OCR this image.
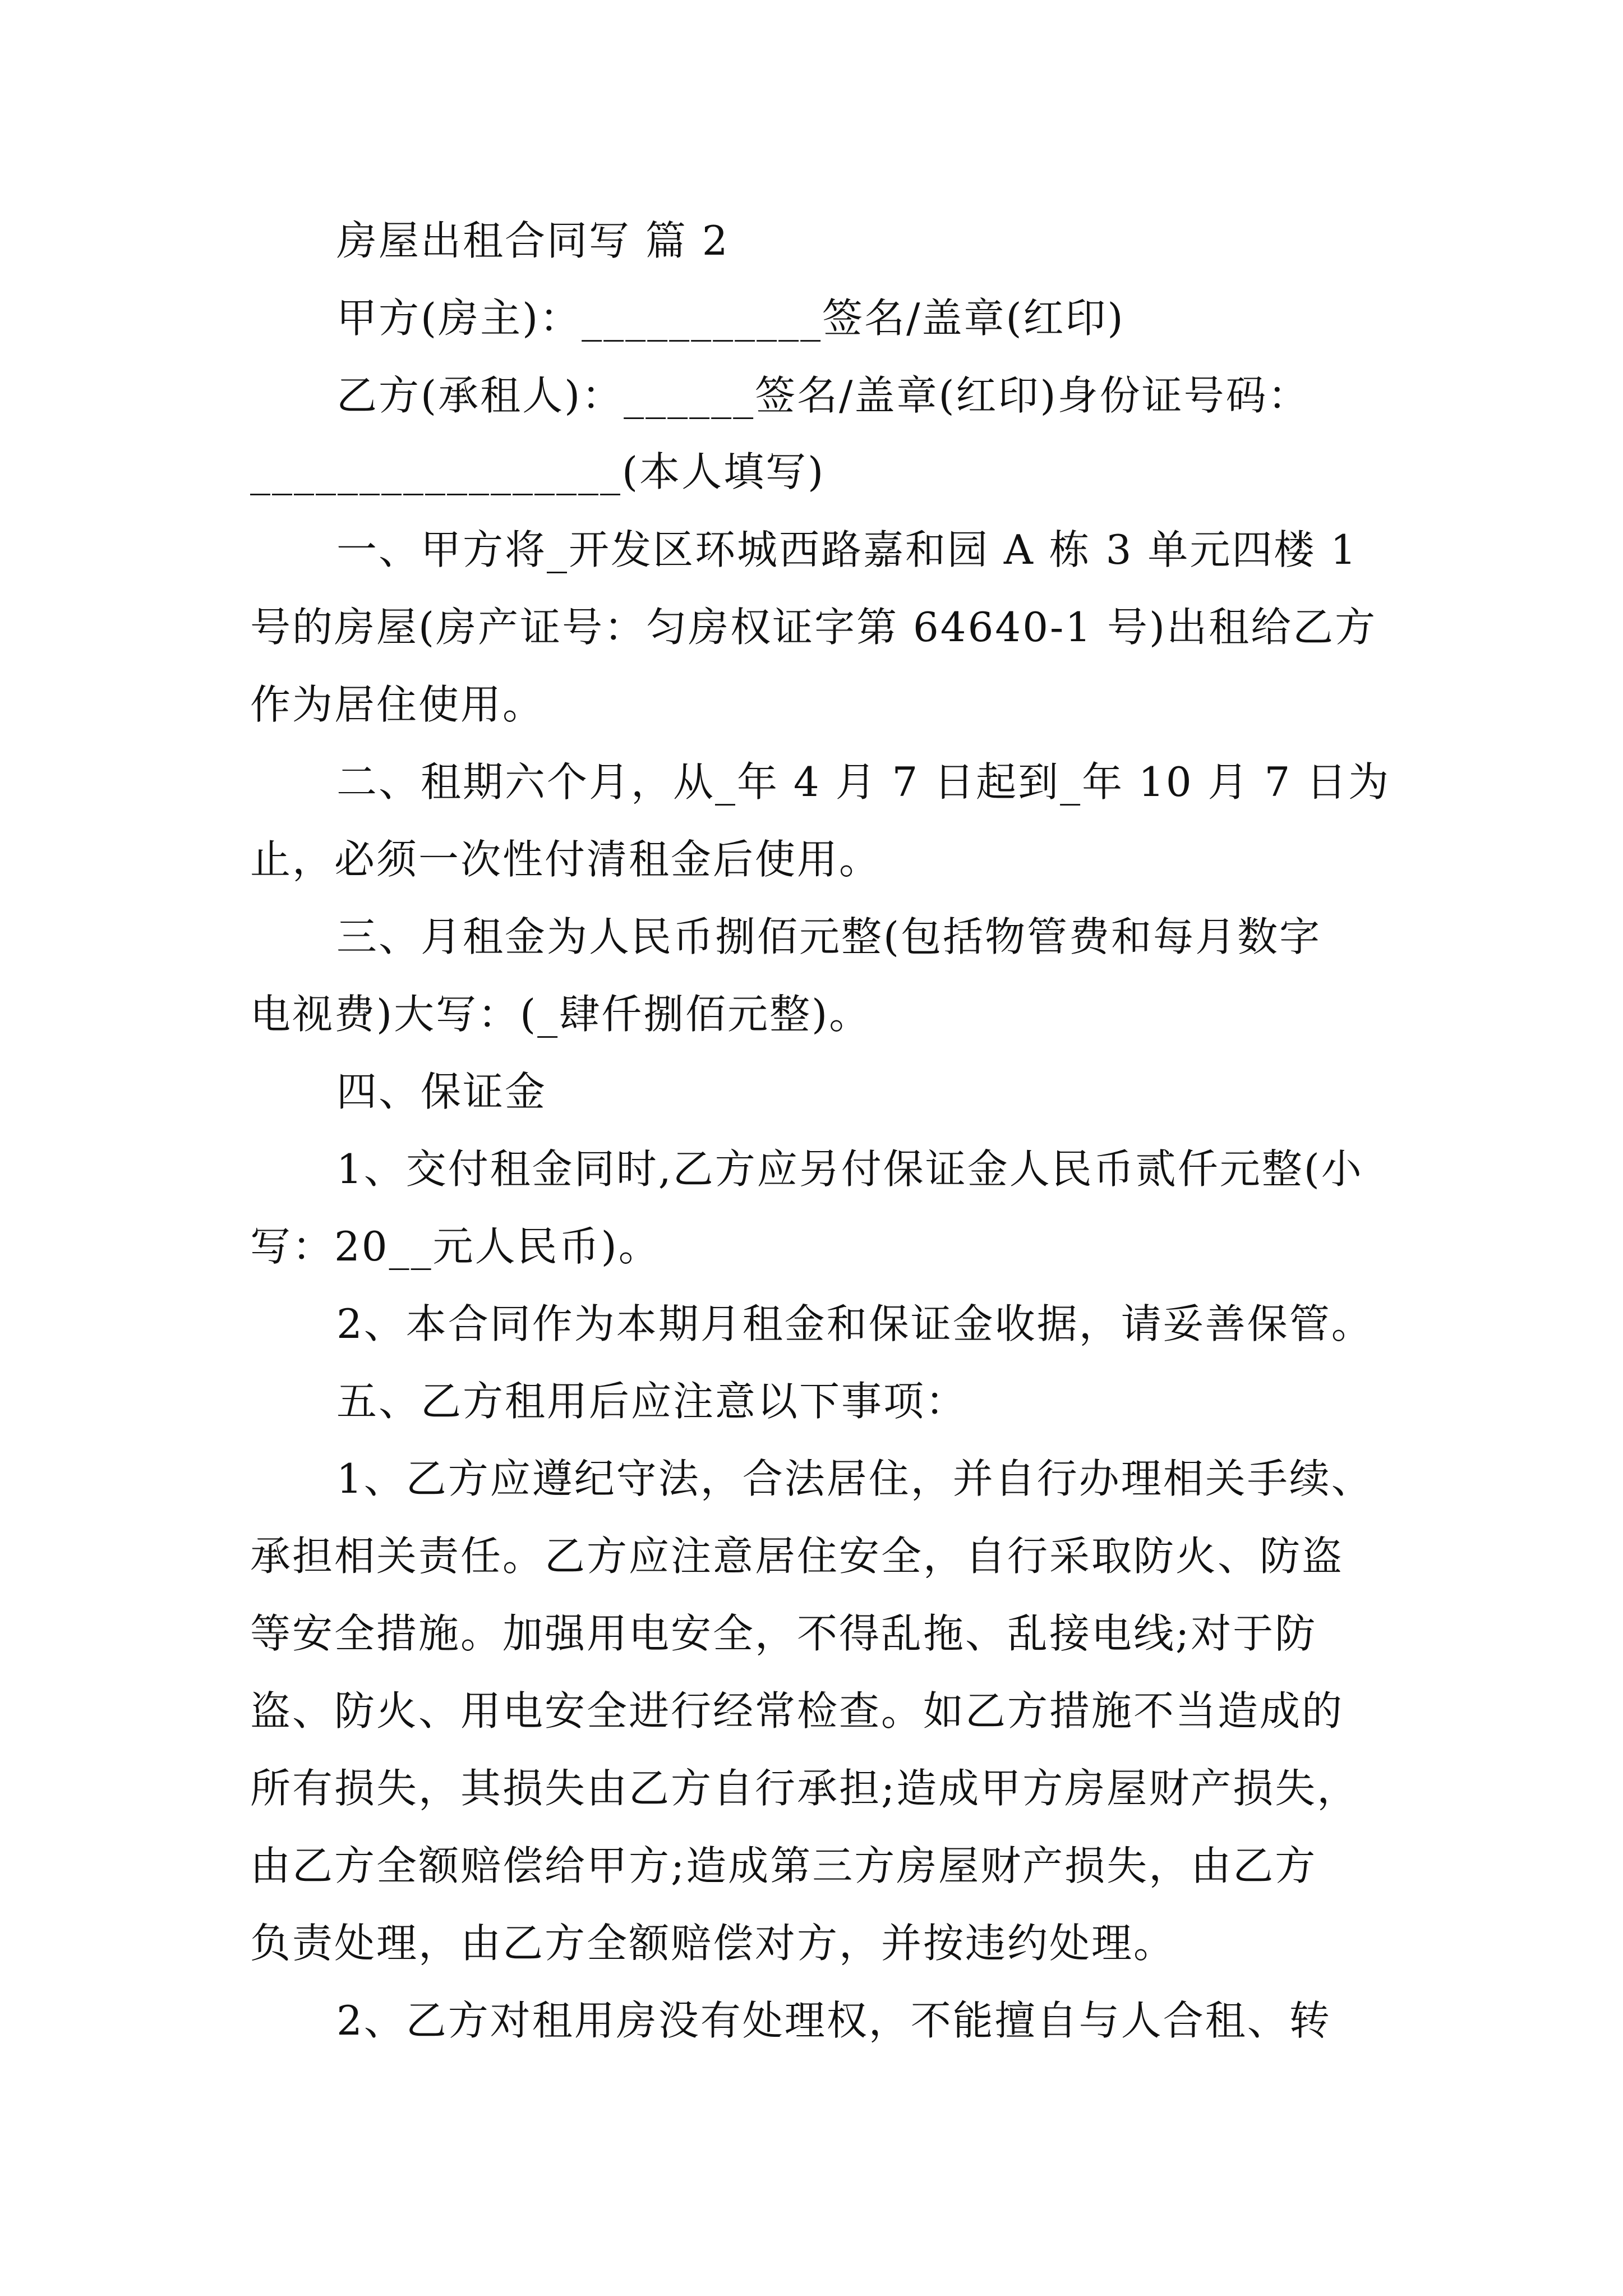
房屋出租合同写 篇 2
甲方(房主)：___________签名/盖章(红印)
乙方(承租人)：______签名/盖章(红印)身份证号码：
_________________(本人填写)
一、甲方将_开发区环城西路嘉和园 A 栋 3 单元四楼 1
号的房屋(房产证号：匀房权证字第 64640-1 号)出租给乙方
作为居住使用。
二、租期六个月，从_年 4 月 7 日起到_年 10 月 7 日为
止，必须一次性付清租金后使用。
三、月租金为人民币捌佰元整(包括物管费和每月数字
电视费)大写：(_肆仟捌佰元整)。
四、保证金
1、交付租金同时,乙方应另付保证金人民币贰仟元整(小
写：20__元人民币)。
2、本合同作为本期月租金和保证金收据，请妥善保管。
五、乙方租用后应注意以下事项：
1、乙方应遵纪守法，合法居住，并自行办理相关手续、
承担相关责任。乙方应注意居住安全，自行采取防火、防盗
等安全措施。加强用电安全，不得乱拖、乱接电线;对于防
盗、防火、用电安全进行经常检查。如乙方措施不当造成的
所有损失，其损失由乙方自行承担;造成甲方房屋财产损失，
由乙方全额赔偿给甲方;造成第三方房屋财产损失，由乙方
负责处理，由乙方全额赔偿对方，并按违约处理。
2、乙方对租用房没有处理权，不能擅自与人合租、转
